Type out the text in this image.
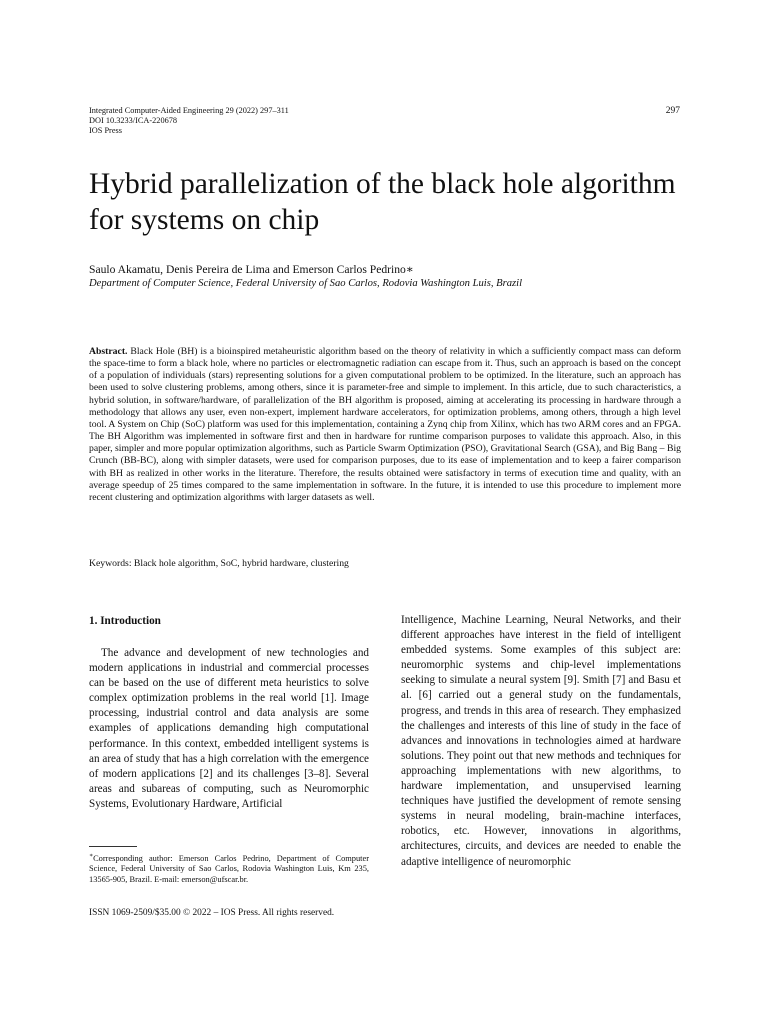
Integrated Computer-Aided Engineering 29 (2022) 297–311
DOI 10.3233/ICA-220678
IOS Press
297
Hybrid parallelization of the black hole algorithm for systems on chip
Saulo Akamatu, Denis Pereira de Lima and Emerson Carlos Pedrino∗
Department of Computer Science, Federal University of Sao Carlos, Rodovia Washington Luis, Brazil

Abstract. Black Hole (BH) is a bioinspired metaheuristic algorithm based on the theory of relativity in which a sufficiently compact mass can deform the space-time to form a black hole, where no particles or electromagnetic radiation can escape from it. Thus, such an approach is based on the concept of a population of individuals (stars) representing solutions for a given computational problem to be optimized. In the literature, such an approach has been used to solve clustering problems, among others, since it is parameter-free and simple to implement. In this article, due to such characteristics, a hybrid solution, in software/hardware, of parallelization of the BH algorithm is proposed, aiming at accelerating its processing in hardware through a methodology that allows any user, even non-expert, implement hardware accelerators, for optimization problems, among others, through a high level tool. A System on Chip (SoC) platform was used for this implementation, containing a Zynq chip from Xilinx, which has two ARM cores and an FPGA. The BH Algorithm was implemented in software first and then in hardware for runtime comparison purposes to validate this approach. Also, in this paper, simpler and more popular optimization algorithms, such as Particle Swarm Optimization (PSO), Gravitational Search (GSA), and Big Bang – Big Crunch (BB-BC), along with simpler datasets, were used for comparison purposes, due to its ease of implementation and to keep a fairer comparison with BH as realized in other works in the literature. Therefore, the results obtained were satisfactory in terms of execution time and quality, with an average speedup of 25 times compared to the same implementation in software. In the future, it is intended to use this procedure to implement more recent clustering and optimization algorithms with larger datasets as well.

Keywords: Black hole algorithm, SoC, hybrid hardware, clustering
1. Introduction

The advance and development of new technologies and modern applications in industrial and commercial processes can be based on the use of different meta heuristics to solve complex optimization problems in the real world [1]. Image processing, industrial control and data analysis are some examples of applications demanding high computational performance. In this context, embedded intelligent systems is an area of study that has a high correlation with the emergence of modern applications [2] and its challenges [3–8]. Several areas and subareas of computing, such as Neuromorphic Systems, Evolutionary Hardware, Artificial

Intelligence, Machine Learning, Neural Networks, and their different approaches have interest in the field of intelligent embedded systems. Some examples of this subject are: neuromorphic systems and chip-level implementations seeking to simulate a neural system [9]. Smith [7] and Basu et al. [6] carried out a general study on the fundamentals, progress, and trends in this area of research. They emphasized the challenges and interests of this line of study in the face of advances and innovations in technologies aimed at hardware solutions. They point out that new methods and techniques for approaching implementations with new algorithms, to hardware implementation, and unsupervised learning techniques have justified the development of remote sensing systems in neural modeling, brain-machine interfaces, robotics, etc. However, innovations in algorithms, architectures, circuits, and devices are needed to enable the adaptive intelligence of neuromorphic

∗Corresponding author: Emerson Carlos Pedrino, Department of Computer Science, Federal University of Sao Carlos, Rodovia Washington Luis, Km 235, 13565-905, Brazil. E-mail: emerson@ufscar.br.

ISSN 1069-2509/$35.00 © 2022 – IOS Press. All rights reserved.
